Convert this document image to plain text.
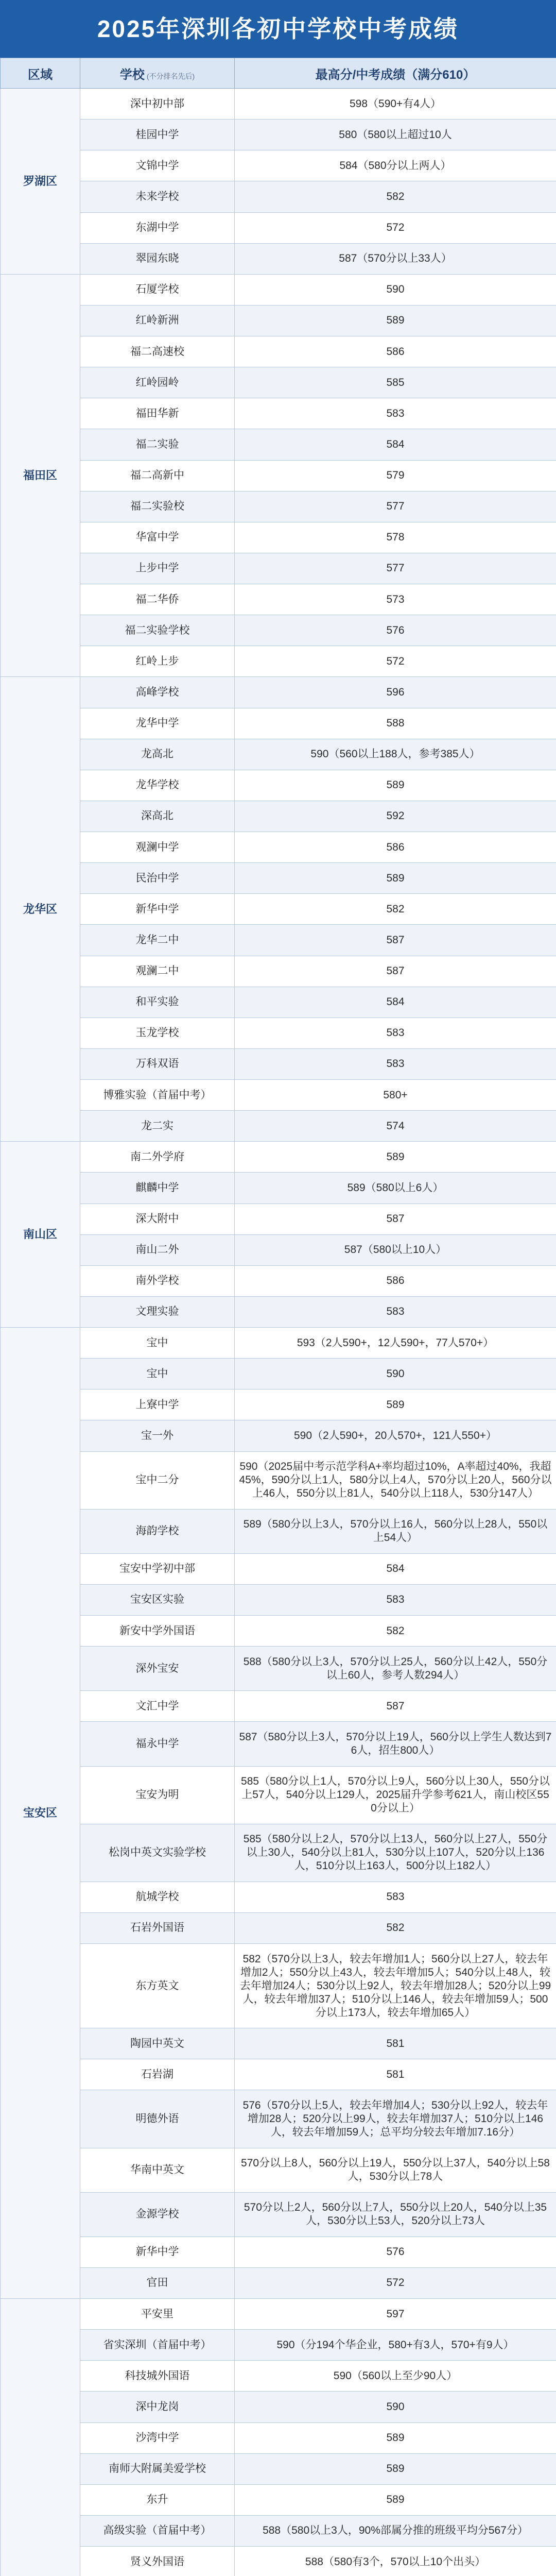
2025年深圳各初中学校中考成绩
区域	学校 (不分排名先后)	最高分/中考成绩（满分610）
罗湖区	深中初中部	598（590+有4人）
	桂园中学	580（580以上超过10人
	文锦中学	584（580分以上两人）
	未来学校	582
	东湖中学	572
	翠园东晓	587（570分以上33人）
福田区	石厦学校	590
	红岭新洲	589
	福二高速校	586
	红岭园岭	585
	福田华新	583
	福二实验	584
	福二高新中	579
	福二实验校	577
	华富中学	578
	上步中学	577
	福二华侨	573
	福二实验学校	576
	红岭上步	572
龙华区	高峰学校	596
	龙华中学	588
	龙高北	590（560以上188人，参考385人）
	龙华学校	589
	深高北	592
	观澜中学	586
	民治中学	589
	新华中学	582
	龙华二中	587
	观澜二中	587
	和平实验	584
	玉龙学校	583
	万科双语	583
	博雅实验（首届中考）	580+
	龙二实	574
南山区	南二外学府	589
	麒麟中学	589（580以上6人）
	深大附中	587
	南山二外	587（580以上10人）
	南外学校	586
	文理实验	583
宝安区	宝中	593（2人590+，12人590+，77人570+）
	宝中	590
	上寮中学	589
	宝一外	590（2人590+，20人570+，121人550+）
	宝中二分	590（2025届中考示范学科A+率均超过10%，A率超过40%，我超45%，590分以上1人，580分以上4人，570分以上20人，560分以上46人，550分以上81人，540分以上118人，530分147人）
	海韵学校	589（580分以上3人，570分以上16人，560分以上28人，550以上54人）
	宝安中学初中部	584
	宝安区实验	583
	新安中学外国语	582
	深外宝安	588（580分以上3人，570分以上25人，560分以上42人，550分以上60人，参考人数294人）
	文汇中学	587
	福永中学	587（580分以上3人，570分以上19人，560分以上学生人数达到76人，招生800人）
	宝安为明	585（580分以上1人，570分以上9人，560分以上30人，550分以上57人，540分以上129人，2025届升学参考621人，南山校区550分以上）
	松岗中英文实验学校	585（580分以上2人，570分以上13人，560分以上27人，550分以上30人，540分以上81人，530分以上107人，520分以上136人，510分以上163人，500分以上182人）
	航城学校	583
	石岩外国语	582
	东方英文	582（570分以上3人，较去年增加1人；560分以上27人，较去年增加2人；550分以上43人，较去年增加5人；540分以上48人，较去年增加24人；530分以上92人，较去年增加28人；520分以上99人，较去年增加37人；510分以上146人，较去年增加59人；500分以上173人，较去年增加65人）
	陶园中英文	581
	石岩湖	581
	明德外语	576（570分以上5人，较去年增加4人；530分以上92人，较去年增加28人；520分以上99人，较去年增加37人；510分以上146人，较去年增加59人；总平均分较去年增加7.16分）
	华南中英文	570分以上8人，560分以上19人，550分以上37人，540分以上58人，530分以上78人
	金源学校	570分以上2人，560分以上7人，550分以上20人，540分以上35人，530分以上53人，520分以上73人
	新华中学	576
	官田	572
	平安里	597
	省实深圳（首届中考）	590（分194个华企业，580+有3人，570+有9人）
	科技城外国语	590（560以上至少90人）
	深中龙岗	590
	沙湾中学	589
	南师大附属美爱学校	589
	东升	589
	高级实验（首届中考）	588（580以上3人，90%部属分推的班级平均分567分）
	贤义外国语	588（580有3个，570以上10个出头）
